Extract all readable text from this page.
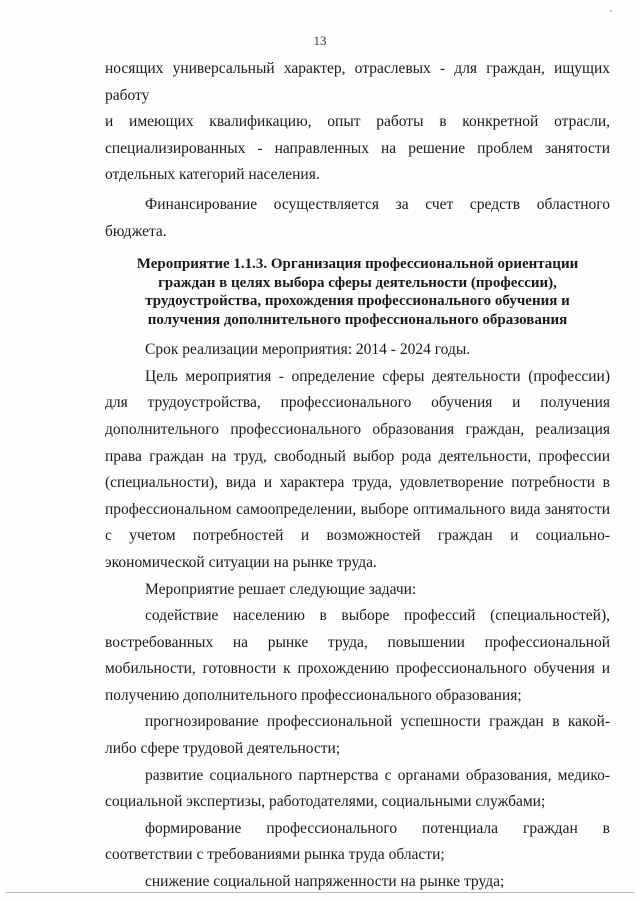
13

носящих универсальный характер, отраслевых - для граждан, ищущих работу

и имеющих квалификацию, опыт работы в конкретной отрасли,

специализированных - направленных на решение проблем занятости

отдельных категорий населения.

Финансирование осуществляется за счет средств областного бюджета.

Мероприятие 1.1.3. Организация профессиональной ориентации граждан в целях выбора сферы деятельности (профессии), трудоустройства, прохождения профессионального обучения и получения дополнительного профессионального образования

Срок реализации мероприятия: 2014 - 2024 годы.

Цель мероприятия - определение сферы деятельности (профессии) для трудоустройства, профессионального обучения и получения дополнительного профессионального образования граждан, реализация права граждан на труд, свободный выбор рода деятельности, профессии (специальности), вида и характера труда, удовлетворение потребности в профессиональном самоопределении, выборе оптимального вида занятости с учетом потребностей и возможностей граждан и социально-экономической ситуации на рынке труда.

Мероприятие решает следующие задачи:

содействие населению в выборе профессий (специальностей), востребованных на рынке труда, повышении профессиональной мобильности, готовности к прохождению профессионального обучения и получению дополнительного профессионального образования;

прогнозирование профессиональной успешности граждан в какой-либо сфере трудовой деятельности;

развитие социального партнерства с органами образования, медико-социальной экспертизы, работодателями, социальными службами;

формирование профессионального потенциала граждан в соответствии с требованиями рынка труда области;

снижение социальной напряженности на рынке труда;
